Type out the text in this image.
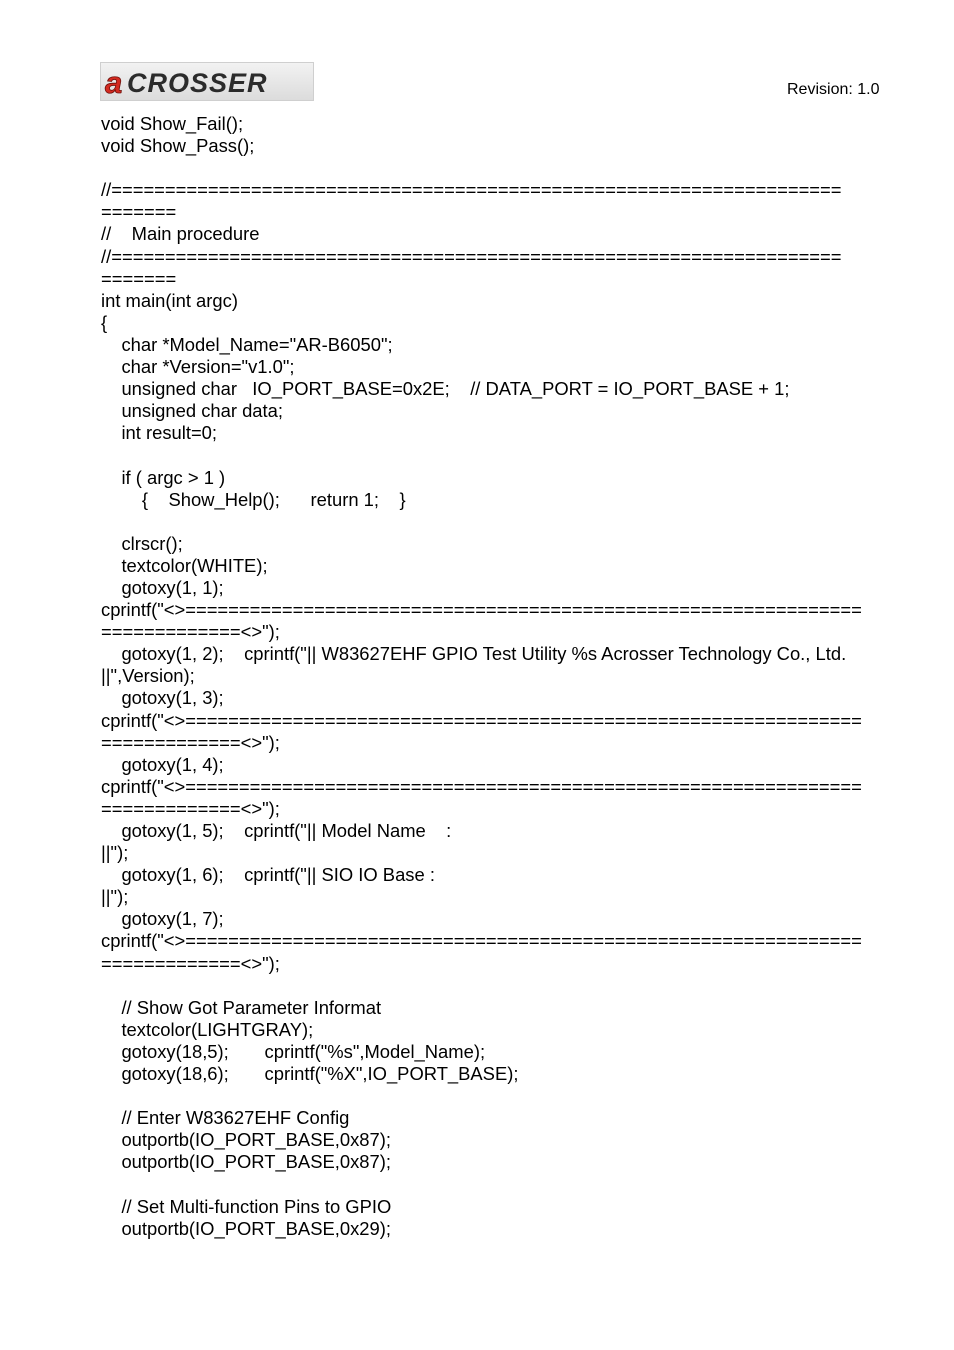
a CROSSER	Revision: 1.0
void Show_Fail();
void Show_Pass();
//====================================================================
=======
//    Main procedure
//====================================================================
=======
int main(int argc)
{
char *Model_Name="AR-B6050";
char *Version="v1.0";
unsigned char   IO_PORT_BASE=0x2E;    // DATA_PORT = IO_PORT_BASE + 1;
unsigned char data;
int result=0;
if ( argc > 1 )
{    Show_Help();      return 1;    }
clrscr();
textcolor(WHITE);
gotoxy(1, 1);
cprintf("<>===============================================================
=============<>");
gotoxy(1, 2);    cprintf("|| W83627EHF GPIO Test Utility %s Acrosser Technology Co., Ltd.
||",Version);
gotoxy(1, 3);
cprintf("<>===============================================================
=============<>");
gotoxy(1, 4);
cprintf("<>===============================================================
=============<>");
gotoxy(1, 5);    cprintf("|| Model Name    :
||");
gotoxy(1, 6);    cprintf("|| SIO IO Base :
||");
gotoxy(1, 7);
cprintf("<>===============================================================
=============<>");
// Show Got Parameter Informat
textcolor(LIGHTGRAY);
gotoxy(18,5);       cprintf("%s",Model_Name);
gotoxy(18,6);       cprintf("%X",IO_PORT_BASE);
// Enter W83627EHF Config
outportb(IO_PORT_BASE,0x87);
outportb(IO_PORT_BASE,0x87);
// Set Multi-function Pins to GPIO
outportb(IO_PORT_BASE,0x29);
